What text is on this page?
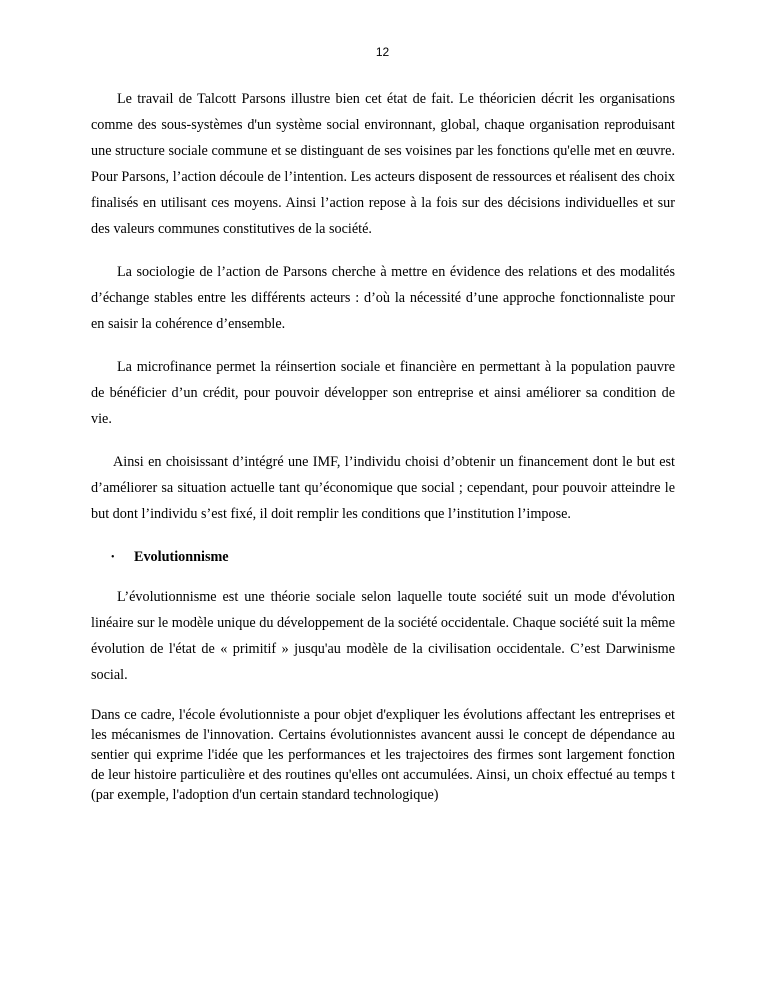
12

Le travail de Talcott Parsons illustre bien cet état de fait. Le théoricien décrit les organisations comme des sous-systèmes d'un système social environnant, global, chaque organisation reproduisant une structure sociale commune et se distinguant de ses voisines par les fonctions qu'elle met en œuvre. Pour Parsons, l’action découle de l’intention. Les acteurs disposent de ressources et réalisent des choix finalisés en utilisant ces moyens. Ainsi l’action repose à la fois sur des décisions individuelles et sur des valeurs communes constitutives de la société.

La sociologie de l’action de Parsons cherche à mettre en évidence des relations et des modalités d’échange stables entre les différents acteurs : d’où la nécessité d’une approche fonctionnaliste pour en saisir la cohérence d’ensemble.

La microfinance permet la réinsertion sociale et financière en permettant à la population pauvre de bénéficier d’un crédit, pour pouvoir développer son entreprise et ainsi améliorer sa condition de vie.

Ainsi en choisissant d’intégré une IMF, l’individu choisi d’obtenir un financement dont le but est d’améliorer sa situation actuelle tant qu’économique que social ; cependant, pour pouvoir atteindre le but dont l’individu s’est fixé, il doit remplir les conditions que l’institution l’impose.

•	Evolutionnisme

L’évolutionnisme est une théorie sociale selon laquelle toute société suit un mode d'évolution linéaire sur le modèle unique du développement de la société occidentale. Chaque société suit la même évolution de l'état de « primitif » jusqu'au modèle de la civilisation occidentale. C’est Darwinisme social.

Dans ce cadre, l'école évolutionniste a pour objet d'expliquer les évolutions affectant les entreprises et les mécanismes de l'innovation. Certains évolutionnistes avancent aussi le concept de dépendance au sentier qui exprime l'idée que les performances et les trajectoires des firmes sont largement fonction de leur histoire particulière et des routines qu'elles ont accumulées. Ainsi, un choix effectué au temps t (par exemple, l'adoption d'un certain standard technologique)
